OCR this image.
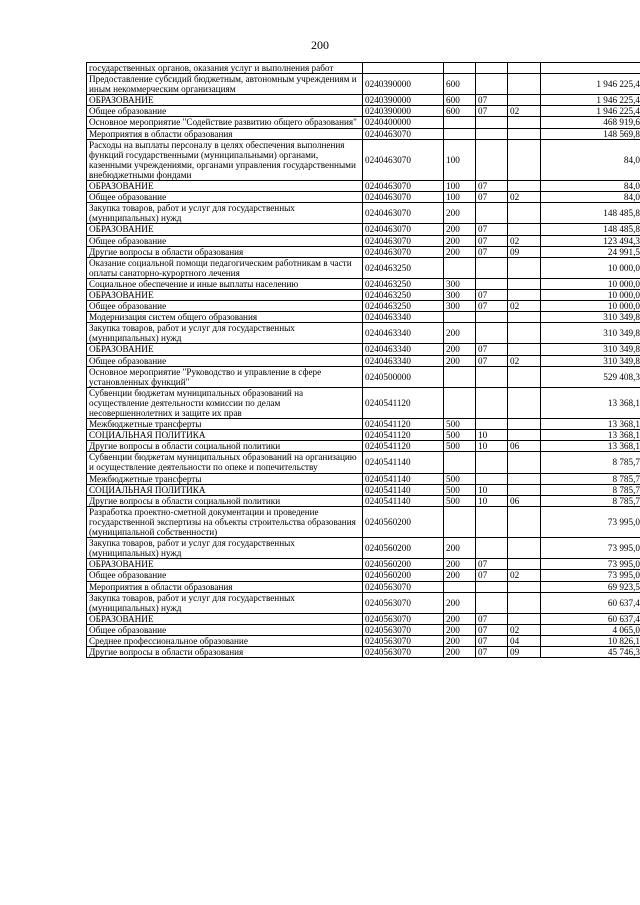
200
государственных органов, оказания услуг и выполнения работ					
Предоставление субсидий бюджетным, автономным учреждениям и иным некоммерческим организациям	0240390000	600			1 946 225,4
ОБРАЗОВАНИЕ	0240390000	600	07		1 946 225,4
Общее образование	0240390000	600	07	02	1 946 225,4
Основное мероприятие "Содействие развитию общего образования"	0240400000				468 919,6
Мероприятия в области образования	0240463070				148 569,8
Расходы на выплаты персоналу в целях обеспечения выполнения функций государственными (муниципальными) органами, казенными учреждениями, органами управления государственными внебюджетными фондами	0240463070	100			84,0
ОБРАЗОВАНИЕ	0240463070	100	07		84,0
Общее образование	0240463070	100	07	02	84,0
Закупка товаров, работ и услуг для государственных (муниципальных) нужд	0240463070	200			148 485,8
ОБРАЗОВАНИЕ	0240463070	200	07		148 485,8
Общее образование	0240463070	200	07	02	123 494,3
Другие вопросы в области образования	0240463070	200	07	09	24 991,5
Оказание социальной помощи педагогическим работникам в части оплаты санаторно-курортного лечения	0240463250				10 000,0
Социальное обеспечение и иные выплаты населению	0240463250	300			10 000,0
ОБРАЗОВАНИЕ	0240463250	300	07		10 000,0
Общее образование	0240463250	300	07	02	10 000,0
Модернизация систем общего образования	0240463340				310 349,8
Закупка товаров, работ и услуг для государственных (муниципальных) нужд	0240463340	200			310 349,8
ОБРАЗОВАНИЕ	0240463340	200	07		310 349,8
Общее образование	0240463340	200	07	02	310 349,8
Основное мероприятие "Руководство и управление в сфере установленных функций"	0240500000				529 408,3
Субвенции бюджетам муниципальных образований на осуществление деятельности комиссии по делам несовершеннолетних и защите их прав	0240541120				13 368,1
Межбюджетные трансферты	0240541120	500			13 368,1
СОЦИАЛЬНАЯ ПОЛИТИКА	0240541120	500	10		13 368,1
Другие вопросы в области социальной политики	0240541120	500	10	06	13 368,1
Субвенции бюджетам муниципальных образований на организацию и осуществление деятельности по опеке и попечительству	0240541140				8 785,7
Межбюджетные трансферты	0240541140	500			8 785,7
СОЦИАЛЬНАЯ ПОЛИТИКА	0240541140	500	10		8 785,7
Другие вопросы в области социальной политики	0240541140	500	10	06	8 785,7
Разработка проектно-сметной документации и проведение государственной экспертизы на объекты строительства образования (муниципальной собственности)	0240560200				73 995,0
Закупка товаров, работ и услуг для государственных (муниципальных) нужд	0240560200	200			73 995,0
ОБРАЗОВАНИЕ	0240560200	200	07		73 995,0
Общее образование	0240560200	200	07	02	73 995,0
Мероприятия в области образования	0240563070				69 923,5
Закупка товаров, работ и услуг для государственных (муниципальных) нужд	0240563070	200			60 637,4
ОБРАЗОВАНИЕ	0240563070	200	07		60 637,4
Общее образование	0240563070	200	07	02	4 065,0
Среднее профессиональное образование	0240563070	200	07	04	10 826,1
Другие вопросы в области образования	0240563070	200	07	09	45 746,3
